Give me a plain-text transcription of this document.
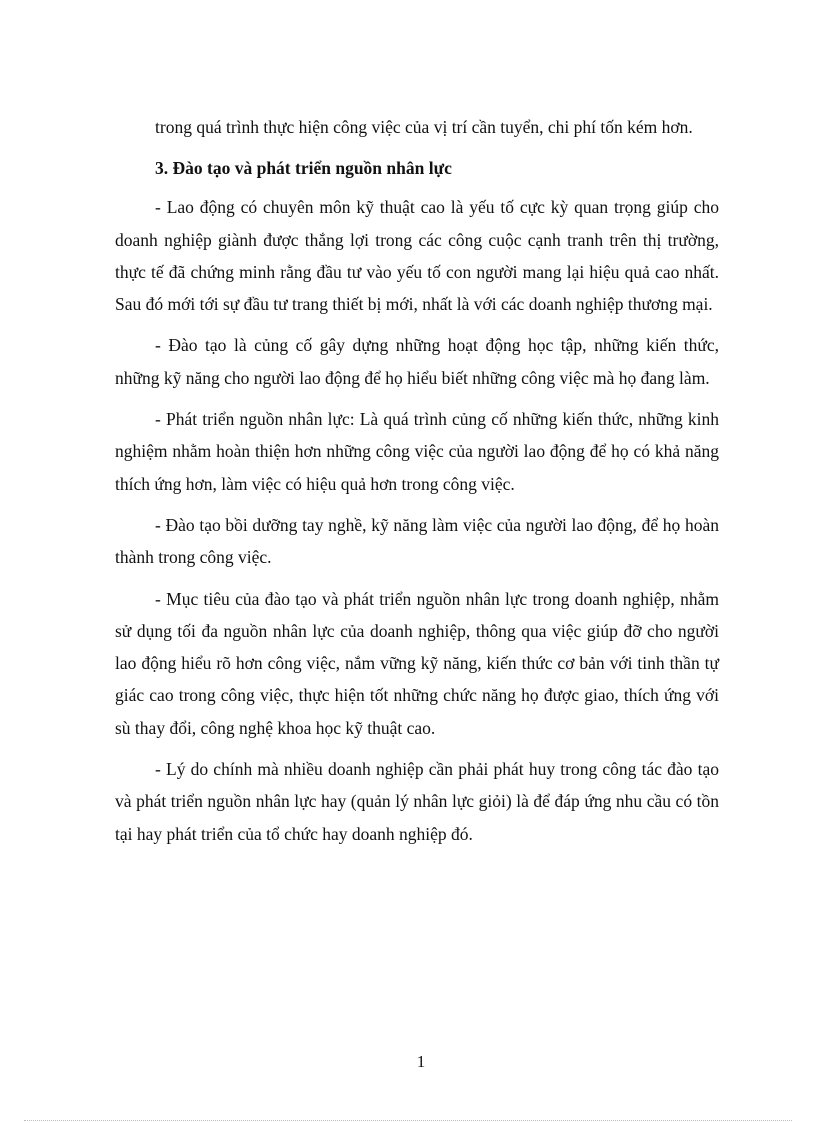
trong quá trình thực hiện công việc của vị trí cần tuyển, chi phí tốn kém hơn.

3. Đào tạo và phát triển nguồn nhân lực

- Lao động có chuyên môn kỹ thuật cao là yếu tố cực kỳ quan trọng giúp cho doanh nghiệp giành được thắng lợi trong các công cuộc cạnh tranh trên thị trường, thực tế đã chứng minh rằng đầu tư vào yếu tố con người mang lại hiệu quả cao nhất. Sau đó mới tới sự đầu tư trang thiết bị mới, nhất là với các doanh nghiệp thương mại.

- Đào tạo là củng cố gây dựng những hoạt động học tập, những kiến thức, những kỹ năng cho người lao động để họ hiểu biết những công việc mà họ đang làm.

- Phát triển nguồn nhân lực: Là quá trình củng cố những kiến thức, những kinh nghiệm nhằm hoàn thiện hơn những công việc của người lao động để họ có khả năng thích ứng hơn, làm việc có hiệu quả hơn trong công việc.

- Đào tạo bồi dưỡng tay nghề, kỹ năng làm việc của người lao động, để họ hoàn thành trong công việc.

- Mục tiêu của đào tạo và phát triển nguồn nhân lực trong doanh nghiệp, nhằm sử dụng tối đa nguồn nhân lực của doanh nghiệp, thông qua việc giúp đỡ cho người lao động hiểu rõ hơn công việc, nắm vững kỹ năng, kiến thức cơ bản với tinh thần tự giác cao trong công việc, thực hiện tốt những chức năng họ được giao, thích ứng với sù thay đổi, công nghệ khoa học kỹ thuật cao.

- Lý do chính mà nhiều doanh nghiệp cần phải phát huy trong công tác đào tạo và phát triển nguồn nhân lực hay (quản lý nhân lực giỏi) là để đáp ứng nhu cầu có tồn tại hay phát triển của tổ chức hay doanh nghiệp đó.

1
